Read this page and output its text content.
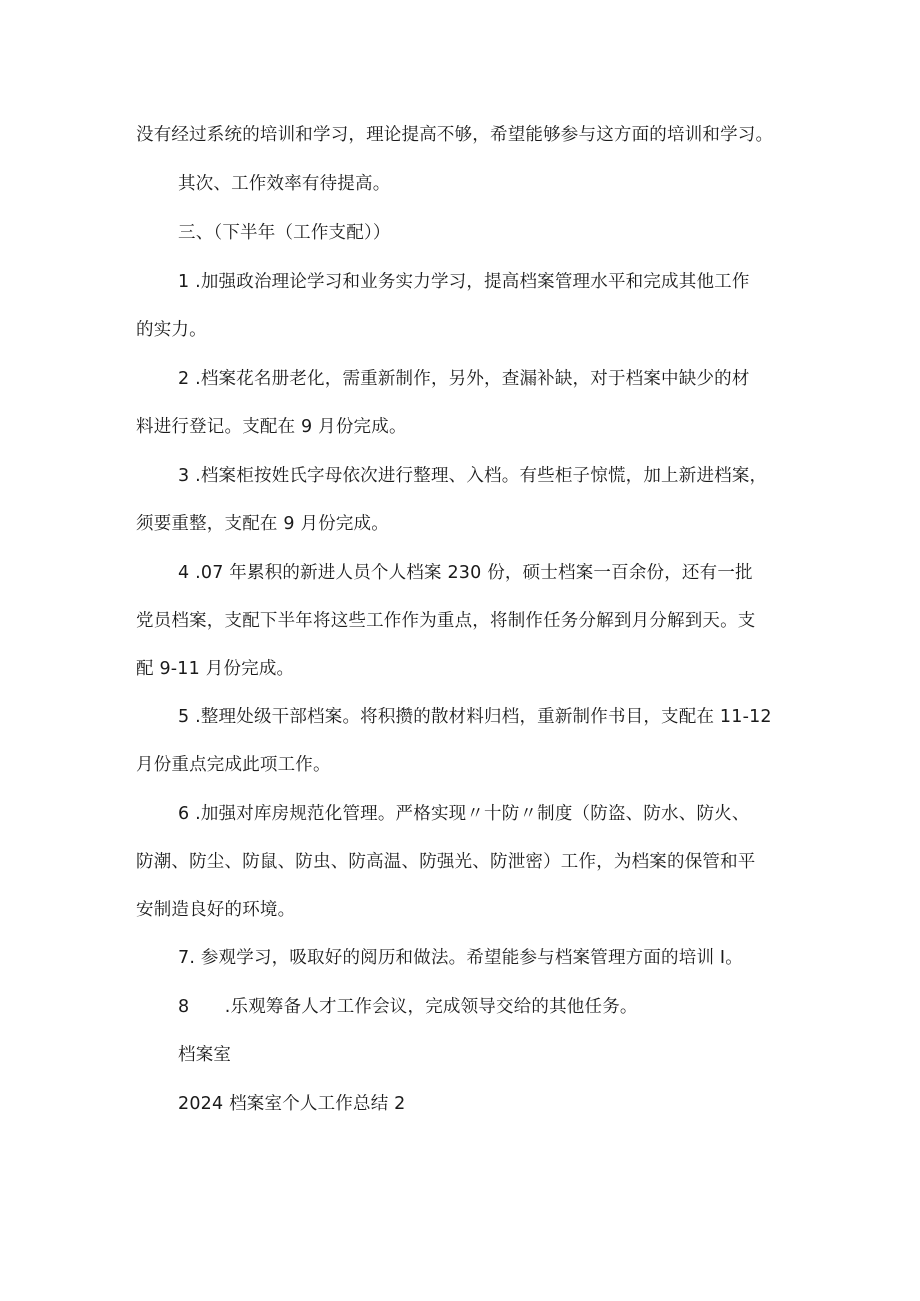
没有经过系统的培训和学习，理论提高不够，希望能够参与这方面的培训和学习。

其次、工作效率有待提高。

三、（下半年（工作支配））

1 .加强政治理论学习和业务实力学习，提高档案管理水平和完成其他工作
的实力。

2 .档案花名册老化，需重新制作，另外，查漏补缺，对于档案中缺少的材
料进行登记。支配在 9 月份完成。

3 .档案柜按姓氏字母依次进行整理、入档。有些柜子惊慌，加上新进档案，
须要重整，支配在 9 月份完成。

4 .07 年累积的新进人员个人档案 230 份，硕士档案一百余份，还有一批
党员档案，支配下半年将这些工作作为重点，将制作任务分解到月分解到天。支
配 9-11 月份完成。

5 .整理处级干部档案。将积攒的散材料归档，重新制作书目，支配在 11-12
月份重点完成此项工作。

6 .加强对库房规范化管理。严格实现〃十防〃制度（防盗、防水、防火、
防潮、防尘、防鼠、防虫、防高温、防强光、防泄密）工作，为档案的保管和平
安制造良好的环境。

7. 参观学习，吸取好的阅历和做法。希望能参与档案管理方面的培训 I。

8　　.乐观筹备人才工作会议，完成领导交给的其他任务。

档案室

2024 档案室个人工作总结 2
